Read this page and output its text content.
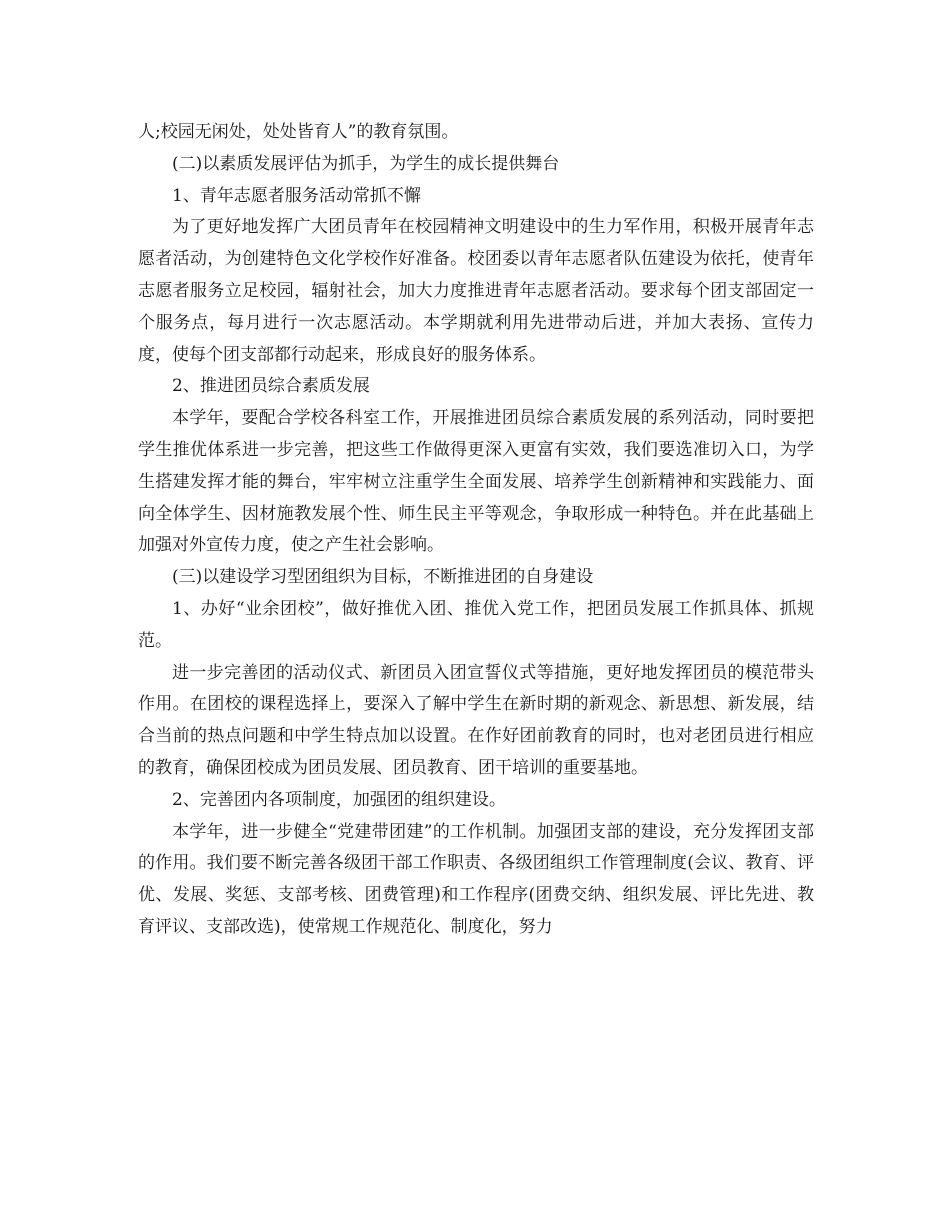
人;校园无闲处，处处皆育人”的教育氛围。

(二)以素质发展评估为抓手，为学生的成长提供舞台

1、青年志愿者服务活动常抓不懈

为了更好地发挥广大团员青年在校园精神文明建设中的生力军作用，积极开展青年志愿者活动，为创建特色文化学校作好准备。校团委以青年志愿者队伍建设为依托，使青年志愿者服务立足校园，辐射社会，加大力度推进青年志愿者活动。要求每个团支部固定一个服务点，每月进行一次志愿活动。本学期就利用先进带动后进，并加大表扬、宣传力度，使每个团支部都行动起来，形成良好的服务体系。

2、推进团员综合素质发展

本学年，要配合学校各科室工作，开展推进团员综合素质发展的系列活动，同时要把学生推优体系进一步完善，把这些工作做得更深入更富有实效，我们要选准切入口，为学生搭建发挥才能的舞台，牢牢树立注重学生全面发展、培养学生创新精神和实践能力、面向全体学生、因材施教发展个性、师生民主平等观念，争取形成一种特色。并在此基础上加强对外宣传力度，使之产生社会影响。

(三)以建设学习型团组织为目标，不断推进团的自身建设

1、办好“业余团校”，做好推优入团、推优入党工作，把团员发展工作抓具体、抓规范。

进一步完善团的活动仪式、新团员入团宣誓仪式等措施，更好地发挥团员的模范带头作用。在团校的课程选择上，要深入了解中学生在新时期的新观念、新思想、新发展，结合当前的热点问题和中学生特点加以设置。在作好团前教育的同时，也对老团员进行相应的教育，确保团校成为团员发展、团员教育、团干培训的重要基地。

2、完善团内各项制度，加强团的组织建设。

本学年，进一步健全“党建带团建”的工作机制。加强团支部的建设，充分发挥团支部的作用。我们要不断完善各级团干部工作职责、各级团组织工作管理制度(会议、教育、评优、发展、奖惩、支部考核、团费管理)和工作程序(团费交纳、组织发展、评比先进、教育评议、支部改选)，使常规工作规范化、制度化，努力
